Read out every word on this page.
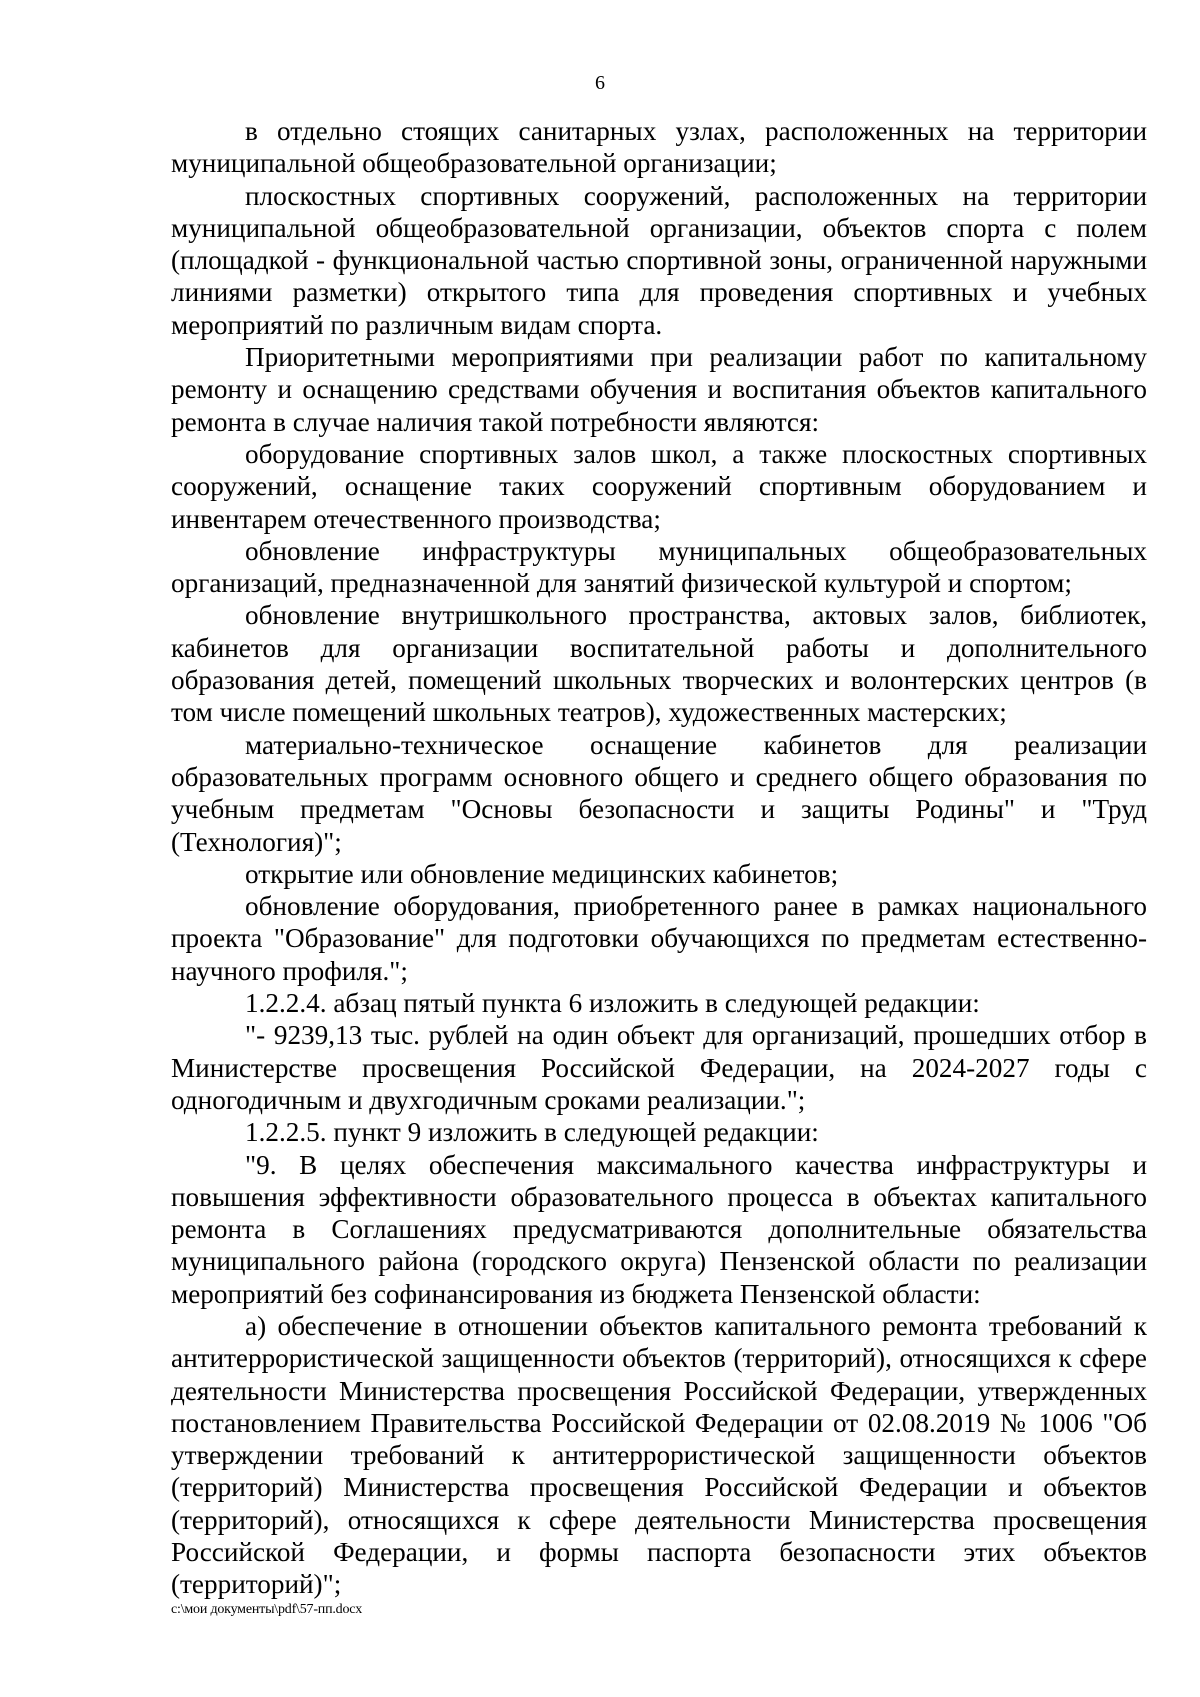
6

в отдельно стоящих санитарных узлах, расположенных на территории муниципальной общеобразовательной организации;

плоскостных спортивных сооружений, расположенных на территории муниципальной общеобразовательной организации, объектов спорта с полем (площадкой - функциональной частью спортивной зоны, ограниченной наружными линиями разметки) открытого типа для проведения спортивных и учебных мероприятий по различным видам спорта.

Приоритетными мероприятиями при реализации работ по капитальному ремонту и оснащению средствами обучения и воспитания объектов капитального ремонта в случае наличия такой потребности являются:

оборудование спортивных залов школ, а также плоскостных спортивных сооружений, оснащение таких сооружений спортивным оборудованием и инвентарем отечественного производства;

обновление инфраструктуры муниципальных общеобразовательных организаций, предназначенной для занятий физической культурой и спортом;

обновление внутришкольного пространства, актовых залов, библиотек, кабинетов для организации воспитательной работы и дополнительного образования детей, помещений школьных творческих и волонтерских центров (в том числе помещений школьных театров), художественных мастерских;

материально-техническое оснащение кабинетов для реализации образовательных программ основного общего и среднего общего образования по учебным предметам "Основы безопасности и защиты Родины" и "Труд (Технология)";

открытие или обновление медицинских кабинетов;

обновление оборудования, приобретенного ранее в рамках национального проекта "Образование" для подготовки обучающихся по предметам естественно-научного профиля.";

1.2.2.4. абзац пятый пункта 6 изложить в следующей редакции:

"- 9239,13 тыс. рублей на один объект для организаций, прошедших отбор в Министерстве просвещения Российской Федерации, на 2024-2027 годы с одногодичным и двухгодичным сроками реализации.";

1.2.2.5. пункт 9 изложить в следующей редакции:

"9. В целях обеспечения максимального качества инфраструктуры и повышения эффективности образовательного процесса в объектах капитального ремонта в Соглашениях предусматриваются дополнительные обязательства муниципального района (городского округа) Пензенской области по реализации мероприятий без софинансирования из бюджета Пензенской области:

а) обеспечение в отношении объектов капитального ремонта требований к антитеррористической защищенности объектов (территорий), относящихся к сфере деятельности Министерства просвещения Российской Федерации, утвержденных постановлением Правительства Российской Федерации от 02.08.2019 № 1006 "Об утверждении требований к антитеррористической защищенности объектов (территорий) Министерства просвещения Российской Федерации и объектов (территорий), относящихся к сфере деятельности Министерства просвещения Российской Федерации, и формы паспорта безопасности этих объектов (территорий)";

c:\мои документы\pdf\57-пп.docx
